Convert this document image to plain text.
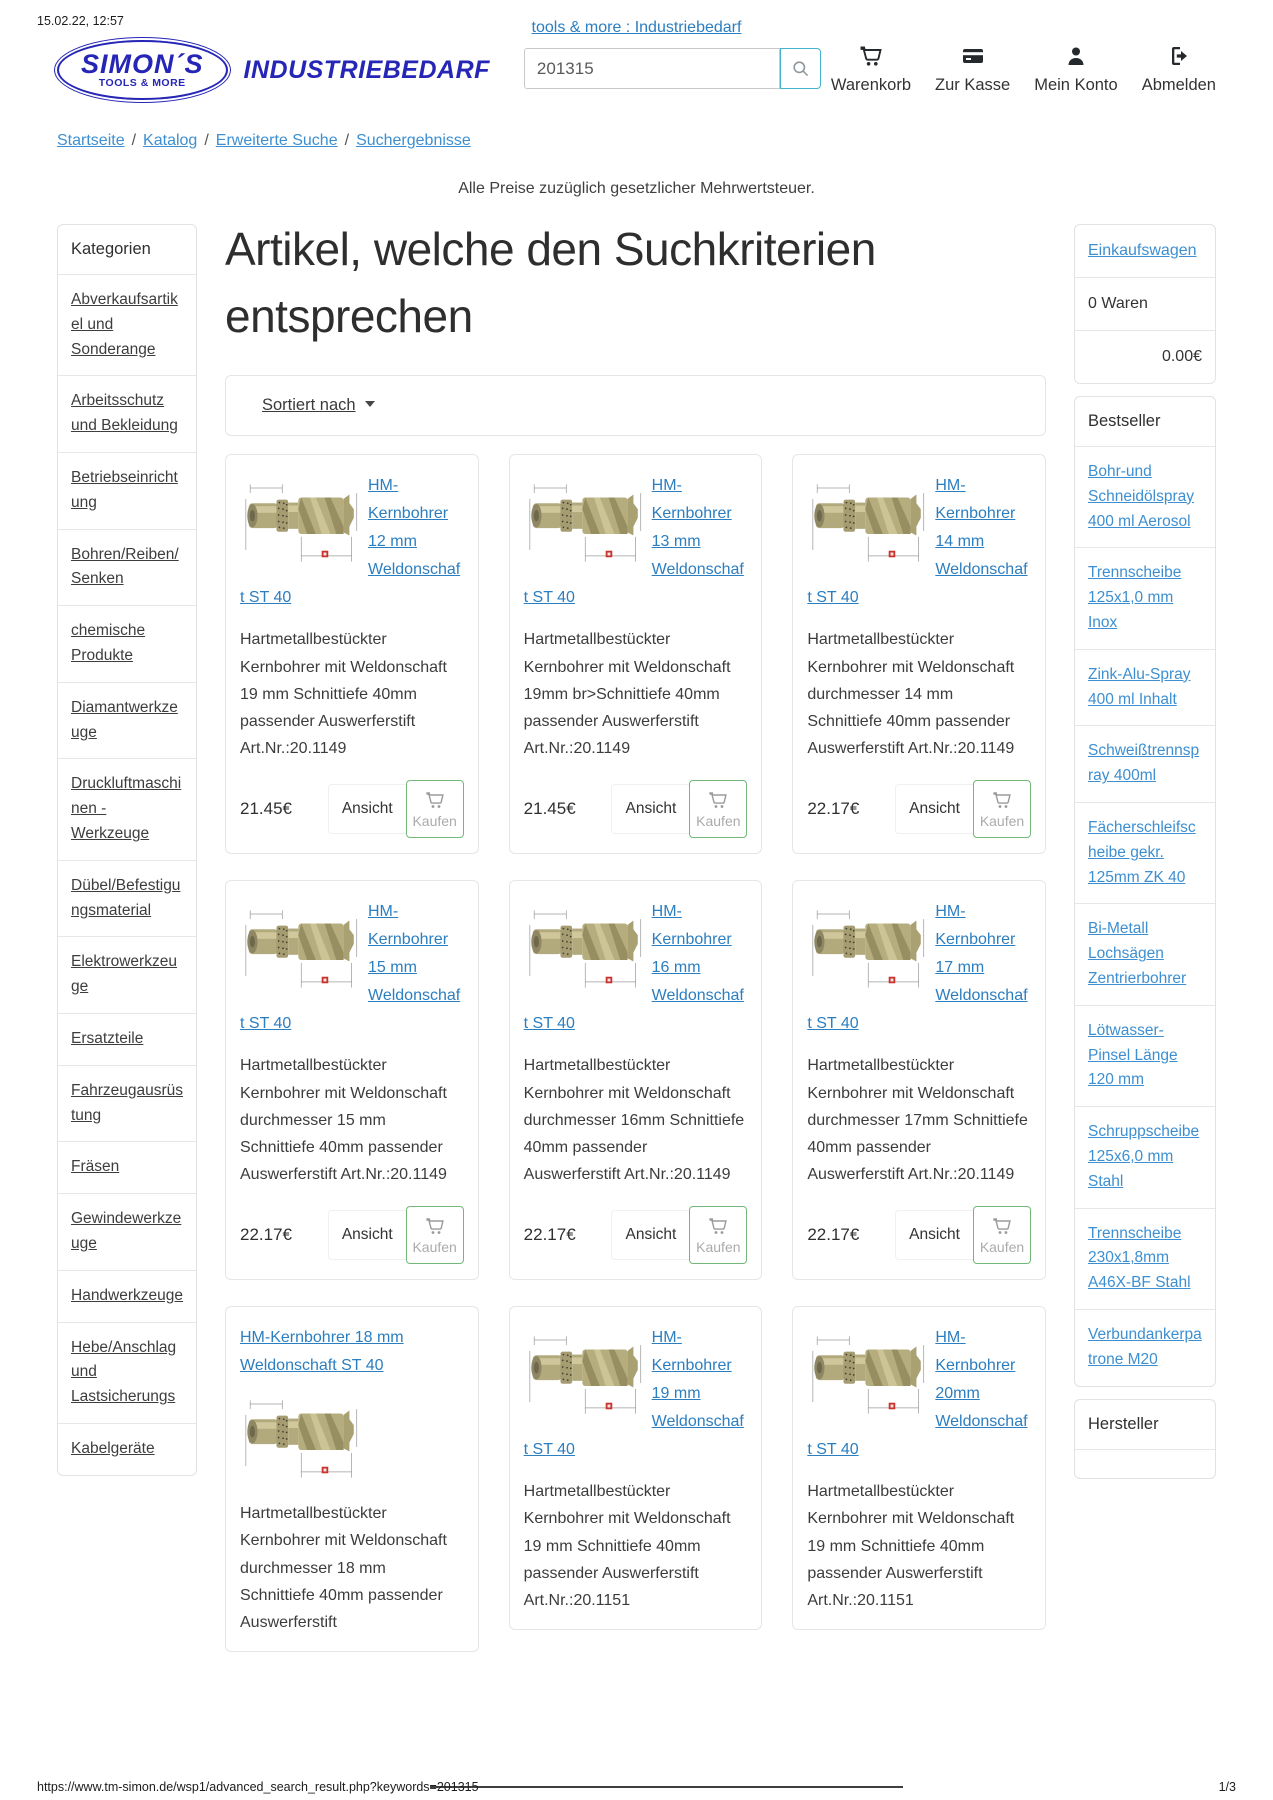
15.02.22, 12:57	tools & more : Industriebedarf
SIMON´S
TOOLS & MORE INDUSTRIEBEDARF
201315
Warenkorb Zur Kasse Mein Konto Abmelden
Startseite / Katalog / Erweiterte Suche / Suchergebnisse

Alle Preise zuzüglich gesetzlicher Mehrwertsteuer.

Kategorien
Abverkaufsartikel und Sonderange
Arbeitsschutz und Bekleidung
Betriebseinrichtung
Bohren/Reiben/Senken
chemische Produkte
Diamantwerkzeuge
Druckluftmaschinen - Werkzeuge
Dübel/Befestigungsmaterial
Elektrowerkzeuge
Ersatzteile
Fahrzeugausrüstung
Fräsen
Gewindewerkzeuge
Handwerkzeuge
Hebe/Anschlag und Lastsicherungs
Kabelgeräte
Artikel, welche den Suchkriterien entsprechen
Sortiert nach
HM-Kernbohrer 12 mm Weldonschaft ST 40

Hartmetallbestückter Kernbohrer mit Weldonschaft 19 mm Schnittiefe 40mm passender Auswerferstift Art.Nr.:20.1149

21.45€	Ansicht
Kaufen
HM-Kernbohrer 13 mm Weldonschaft ST 40

Hartmetallbestückter Kernbohrer mit Weldonschaft 19mm br>Schnittiefe 40mm passender Auswerferstift Art.Nr.:20.1149

21.45€	Ansicht
Kaufen
HM-Kernbohrer 14 mm Weldonschaft ST 40

Hartmetallbestückter Kernbohrer mit Weldonschaft durchmesser 14 mm Schnittiefe 40mm passender Auswerferstift Art.Nr.:20.1149

22.17€	Ansicht
Kaufen
HM-Kernbohrer 15 mm Weldonschaft ST 40

Hartmetallbestückter Kernbohrer mit Weldonschaft durchmesser 15 mm Schnittiefe 40mm passender Auswerferstift Art.Nr.:20.1149

22.17€	Ansicht
Kaufen
HM-Kernbohrer 16 mm Weldonschaft ST 40

Hartmetallbestückter Kernbohrer mit Weldonschaft durchmesser 16mm Schnittiefe 40mm passender Auswerferstift Art.Nr.:20.1149

22.17€	Ansicht
Kaufen
HM-Kernbohrer 17 mm Weldonschaft ST 40

Hartmetallbestückter Kernbohrer mit Weldonschaft durchmesser 17mm Schnittiefe 40mm passender Auswerferstift Art.Nr.:20.1149

22.17€	Ansicht
Kaufen
HM-Kernbohrer 18 mm Weldonschaft ST 40

Hartmetallbestückter Kernbohrer mit Weldonschaft durchmesser 18 mm Schnittiefe 40mm passender Auswerferstift

HM-Kernbohrer 19 mm Weldonschaft ST 40

Hartmetallbestückter Kernbohrer mit Weldonschaft 19 mm Schnittiefe 40mm passender Auswerferstift Art.Nr.:20.1151

HM-Kernbohrer 20mm Weldonschaft ST 40

Hartmetallbestückter Kernbohrer mit Weldonschaft 19 mm Schnittiefe 40mm passender Auswerferstift Art.Nr.:20.1151

Einkaufswagen
0 Waren
0.00€
Bestseller
Bohr-und Schneidölspray 400 ml Aerosol
Trennscheibe 125x1,0 mm Inox
Zink-Alu-Spray 400 ml Inhalt
Schweißtrennspray 400ml
Fächerschleifscheibe gekr. 125mm ZK 40
Bi-Metall Lochsägen Zentrierbohrer
Lötwasser-Pinsel Länge 120 mm
Schruppscheibe 125x6,0 mm Stahl
Trennscheibe 230x1,8mm A46X-BF Stahl
Verbundankerpatrone M20
Hersteller
https://www.tm-simon.de/wsp1/advanced_search_result.php?keywords=201315	1/3
